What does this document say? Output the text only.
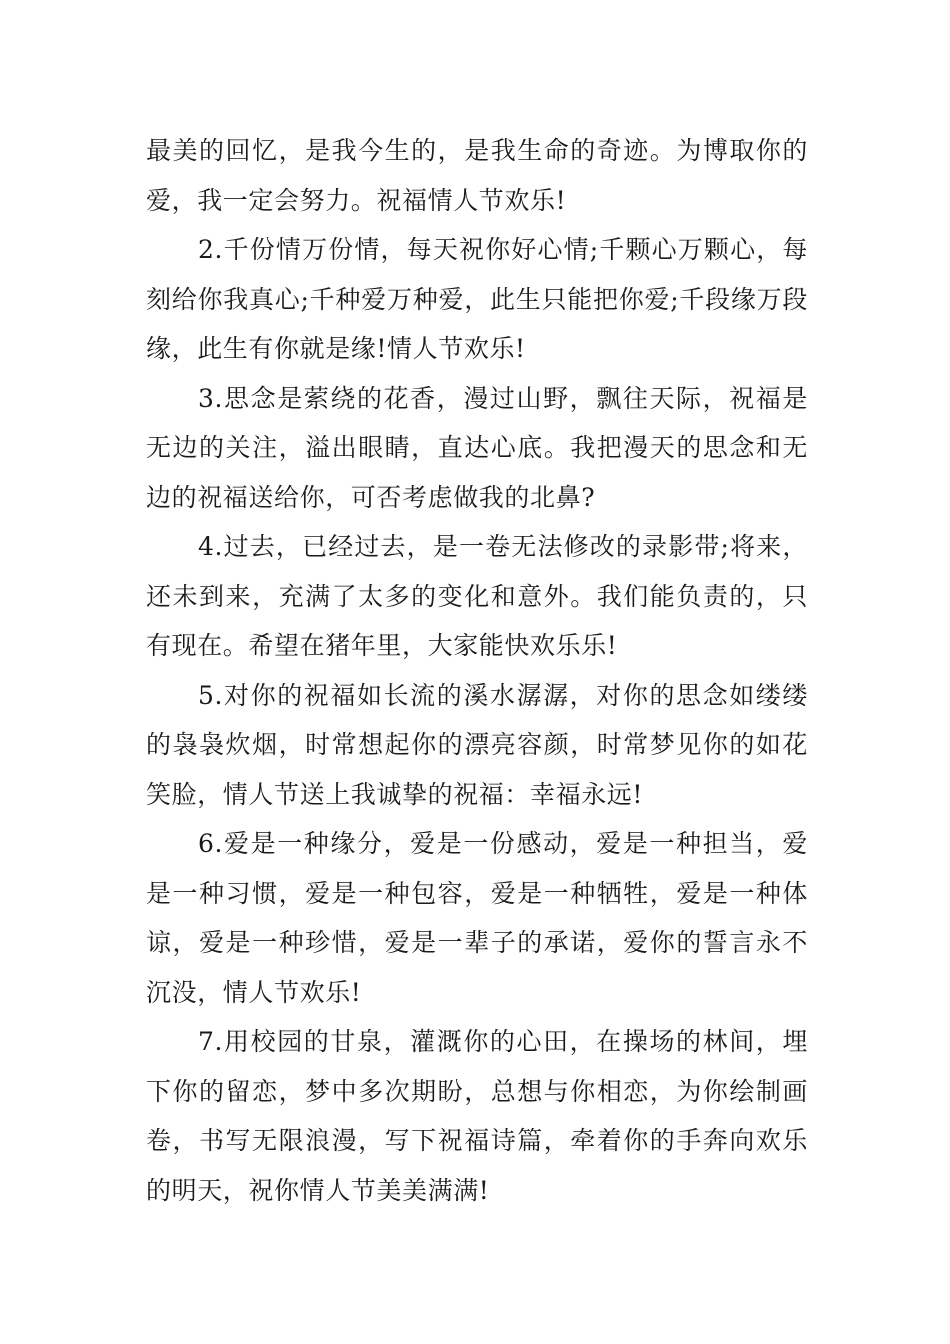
最美的回忆，是我今生的，是我生命的奇迹。为博取你的爱，我一定会努力。祝福情人节欢乐!

2.千份情万份情，每天祝你好心情;千颗心万颗心，每刻给你我真心;千种爱万种爱，此生只能把你爱;千段缘万段缘，此生有你就是缘!情人节欢乐!

3.思念是萦绕的花香，漫过山野，飘往天际，祝福是无边的关注，溢出眼睛，直达心底。我把漫天的思念和无边的祝福送给你，可否考虑做我的北鼻?

4.过去，已经过去，是一卷无法修改的录影带;将来，还未到来，充满了太多的变化和意外。我们能负责的，只有现在。希望在猪年里，大家能快欢乐乐!

5.对你的祝福如长流的溪水潺潺，对你的思念如缕缕的袅袅炊烟，时常想起你的漂亮容颜，时常梦见你的如花笑脸，情人节送上我诚挚的祝福：幸福永远!

6.爱是一种缘分，爱是一份感动，爱是一种担当，爱是一种习惯，爱是一种包容，爱是一种牺牲，爱是一种体谅，爱是一种珍惜，爱是一辈子的承诺，爱你的誓言永不沉没，情人节欢乐!

7.用校园的甘泉，灌溉你的心田，在操场的林间，埋下你的留恋，梦中多次期盼，总想与你相恋，为你绘制画卷，书写无限浪漫，写下祝福诗篇，牵着你的手奔向欢乐的明天，祝你情人节美美满满!
